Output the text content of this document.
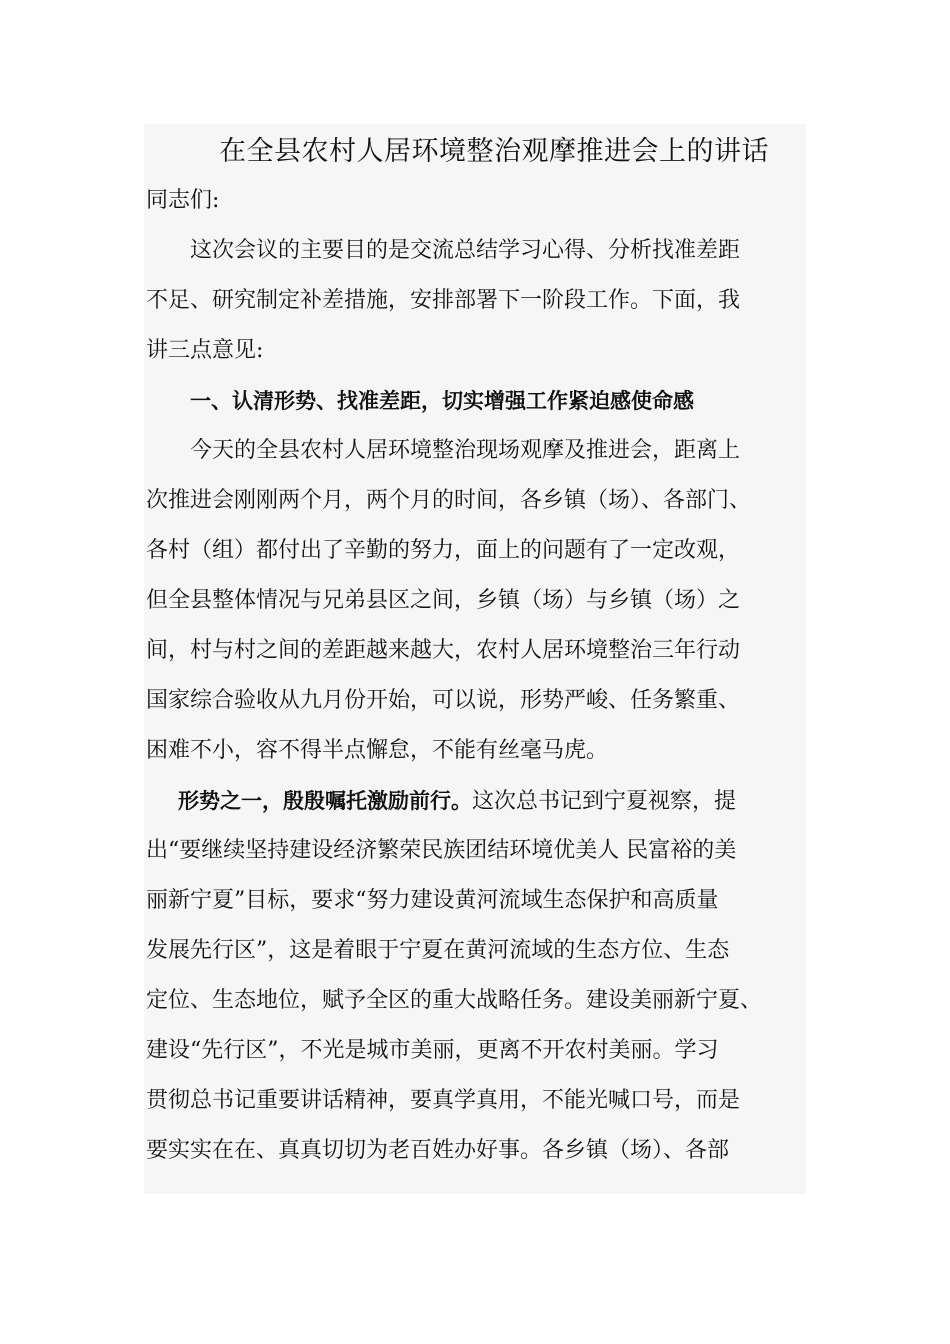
在全县农村人居环境整治观摩推进会上的讲话
同志们:
这次会议的主要目的是交流总结学习心得、分析找准差距
不足、研究制定补差措施，安排部署下一阶段工作。下面，我
讲三点意见:
一、认清形势、找准差距，切实增强工作紧迫感使命感
今天的全县农村人居环境整治现场观摩及推进会，距离上
次推进会刚刚两个月，两个月的时间，各乡镇（场）、各部门、
各村（组）都付出了辛勤的努力，面上的问题有了一定改观，
但全县整体情况与兄弟县区之间，乡镇（场）与乡镇（场）之
间，村与村之间的差距越来越大，农村人居环境整治三年行动
国家综合验收从九月份开始，可以说，形势严峻、任务繁重、
困难不小，容不得半点懈怠，不能有丝毫马虎。
形势之一，殷殷嘱托激励前行。这次总书记到宁夏视察，提
出“要继续坚持建设经济繁荣民族团结环境优美人 民富裕的美
丽新宁夏”目标，要求“努力建设黄河流域生态保护和高质量
发展先行区”，这是着眼于宁夏在黄河流域的生态方位、生态
定位、生态地位，赋予全区的重大战略任务。建设美丽新宁夏、
建设“先行区”，不光是城市美丽，更离不开农村美丽。学习
贯彻总书记重要讲话精神，要真学真用，不能光喊口号，而是
要实实在在、真真切切为老百姓办好事。各乡镇（场）、各部
